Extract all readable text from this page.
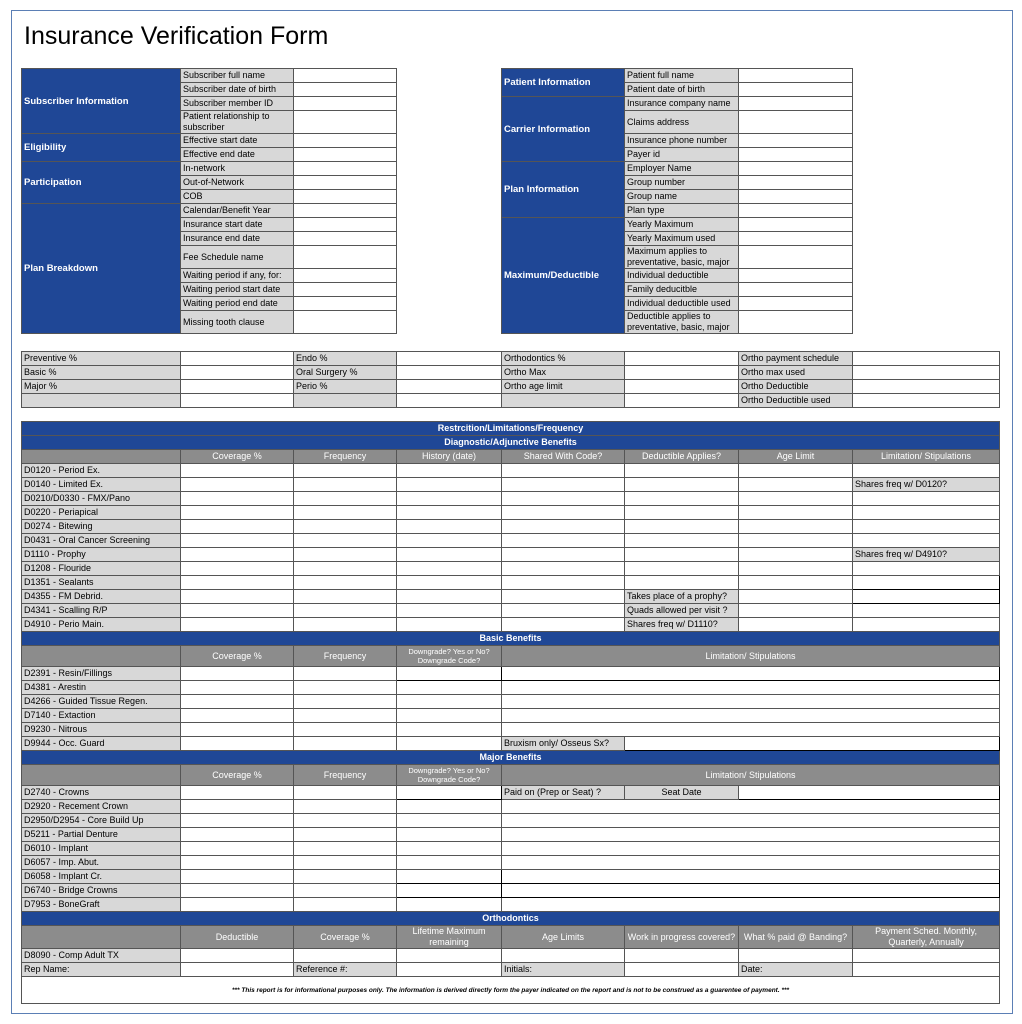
Insurance Verification Form
Subscriber Information	Subscriber full name	
	Subscriber date of birth	
	Subscriber member ID	
	Patient relationship to subscriber	
Eligibility	Effective start date	
	Effective end date	
Participation	In-network	
	Out-of-Network	
	COB	
Plan Breakdown	Calendar/Benefit Year	
	Insurance start date	
	Insurance end date	
	Fee Schedule name	
	Waiting period if any, for:	
	Waiting period start date	
	Waiting period end date	
	Missing tooth clause	
Patient Information	Patient full name	
	Patient date of birth	
Carrier Information	Insurance company name	
	Claims address	
	Insurance phone number	
	Payer id	
Plan Information	Employer Name	
	Group number	
	Group name	
	Plan type	
Maximum/Deductible	Yearly Maximum	
	Yearly Maximum used	
	Maximum applies to preventative, basic, major	
	Individual deductible	
	Family deducitble	
	Individual deductible used	
	Deductible applies to preventative, basic, major	
Preventive %		Endo %		Orthodontics %		Ortho payment schedule	
Basic %		Oral Surgery %		Ortho Max		Ortho max used	
Major %		Perio %		Ortho age limit		Ortho Deductible	
						Ortho Deductible used	
Restrcition/Limitations/Frequency							
Diagnostic/Adjunctive Benefits							
	Coverage %	Frequency	History (date)	Shared With Code?	Deductible Applies?	Age Limit	Limitation/ Stipulations
D0120 - Period Ex.							
D0140 - Limited Ex.							Shares freq w/ D0120?
D0210/D0330 - FMX/Pano							
D0220 - Periapical							
D0274 - Bitewing							
D0431 - Oral Cancer Screening							
D1110 - Prophy							Shares freq w/ D4910?
D1208 - Flouride							
D1351 - Sealants							
D4355 - FM Debrid.					Takes place of a prophy?		
D4341 - Scalling R/P					Quads allowed per visit ?		
D4910 - Perio Main.					Shares freq w/ D1110?		
Basic Benefits							
	Coverage %	Frequency	Downgrade? Yes or No? Downgrade Code?	Limitation/ Stipulations			
D2391 - Resin/Fillings							
D4381 - Arestin							
D4266 - Guided Tissue Regen.							
D7140 - Extaction							
D9230 - Nitrous							
D9944 - Occ. Guard				Bruxism only/ Osseus Sx?			
Major Benefits							
	Coverage %	Frequency	Downgrade? Yes or No? Downgrade Code?	Limitation/ Stipulations			
D2740 - Crowns				Paid on (Prep or Seat) ?	Seat Date		
D2920 - Recement Crown							
D2950/D2954 - Core Build Up							
D5211 - Partial Denture							
D6010 - Implant							
D6057 - Imp. Abut.							
D6058 - Implant Cr.							
D6740 - Bridge Crowns							
D7953 - BoneGraft							
Orthodontics							
	Deductible	Coverage %	Lifetime Maximum remaining	Age Limits	Work in progress covered?	What % paid @ Banding?	Payment Sched. Monthly, Quarterly, Annually
D8090 - Comp Adult TX							
Rep Name:		Reference #:		Initials:		Date:	
*** This report is for informational purposes only. The information is derived directly form the payer indicated on the report and is not to be construed as a guarentee of payment. ***							
